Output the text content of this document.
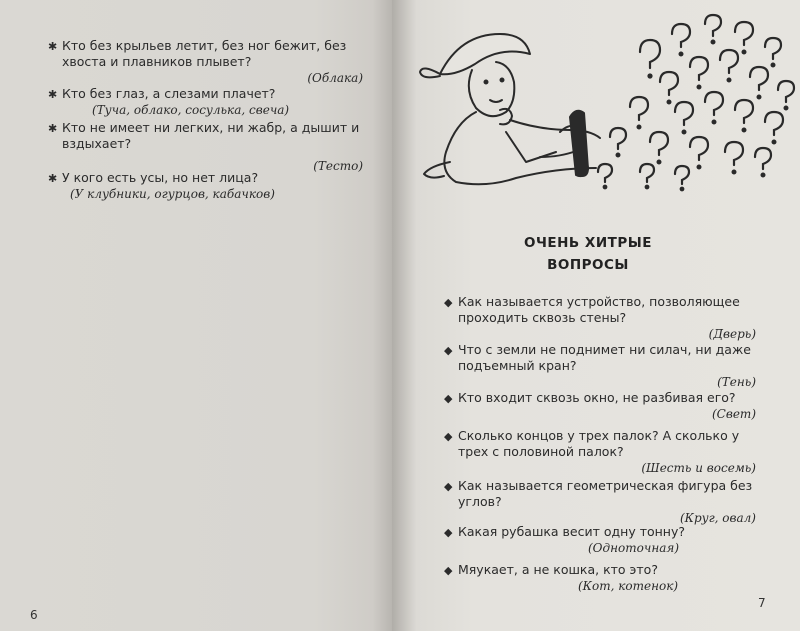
✱ Кто без крыльев летит, без ног бежит, без хвоста и плавников плывет?
(Облака)
✱ Кто без глаз, а слезами плачет?
(Туча, облако, сосулька, свеча)
✱ Кто не имеет ни легких, ни жабр, а дышит и вздыхает?
(Тесто)
✱ У кого есть усы, но нет лица?
(У клубники, огурцов, кабачков)
6
ОЧЕНЬ ХИТРЫЕ
ВОПРОСЫ
◆ Как называется устройство, позволяющее проходить сквозь стены?
(Дверь)
◆ Что с земли не поднимет ни силач, ни даже подъемный кран?
(Тень)
◆ Кто входит сквозь окно, не разбивая его?
(Свет)
◆ Сколько концов у трех палок? А сколько у трех с половиной палок?
(Шесть и восемь)
◆ Как называется геометрическая фигура без углов?
(Круг, овал)
◆ Какая рубашка весит одну тонну?
(Одноточная)
◆ Мяукает, а не кошка, кто это?
(Кот, котенок)
7
